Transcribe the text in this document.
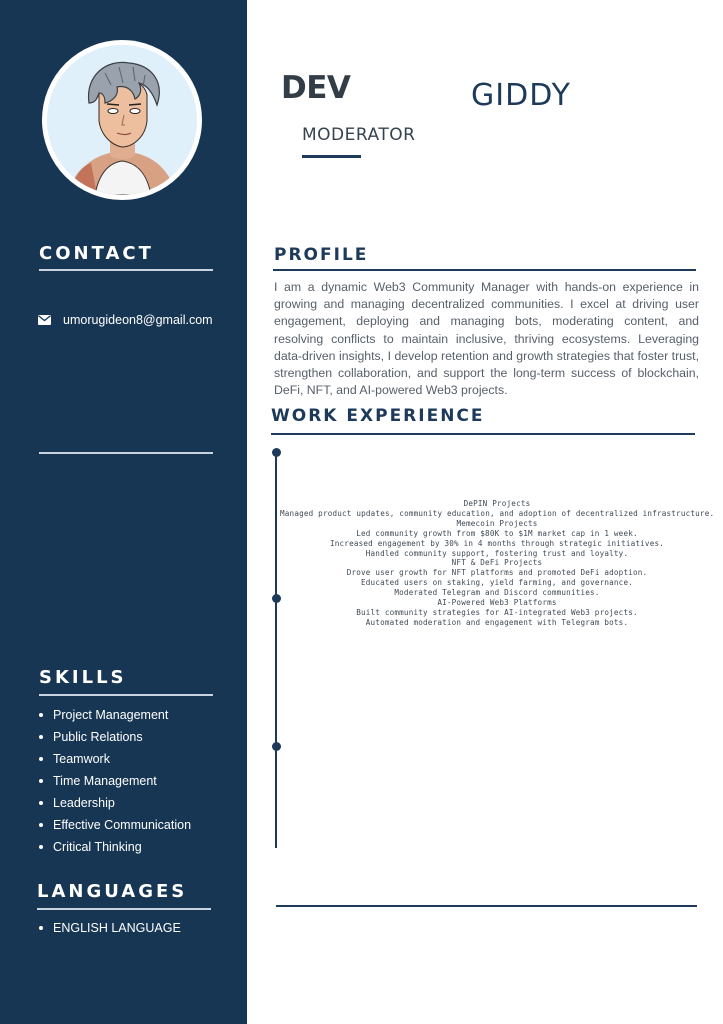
CONTACT
umorugideon8@gmail.com
SKILLS
Project Management
Public Relations
Teamwork
Time Management
Leadership
Effective Communication
Critical Thinking
LANGUAGES
ENGLISH LANGUAGE
DEV	GIDDY
MODERATOR
PROFILE

I am a dynamic Web3 Community Manager with hands-on experience in growing and managing decentralized communities. I excel at driving user engagement, deploying and managing bots, moderating content, and resolving conflicts to maintain inclusive, thriving ecosystems. Leveraging data-driven insights, I develop retention and growth strategies that foster trust, strengthen collaboration, and support the long-term success of blockchain, DeFi, NFT, and AI-powered Web3 projects.

WORK EXPERIENCE
DePIN Projects
Managed product updates, community education, and adoption of decentralized infrastructure.
Memecoin Projects
Led community growth from $80K to $1M market cap in 1 week.
Increased engagement by 30% in 4 months through strategic initiatives.
Handled community support, fostering trust and loyalty.
NFT & DeFi Projects
Drove user growth for NFT platforms and promoted DeFi adoption.
Educated users on staking, yield farming, and governance.
Moderated Telegram and Discord communities.
AI-Powered Web3 Platforms
Built community strategies for AI-integrated Web3 projects.
Automated moderation and engagement with Telegram bots.
